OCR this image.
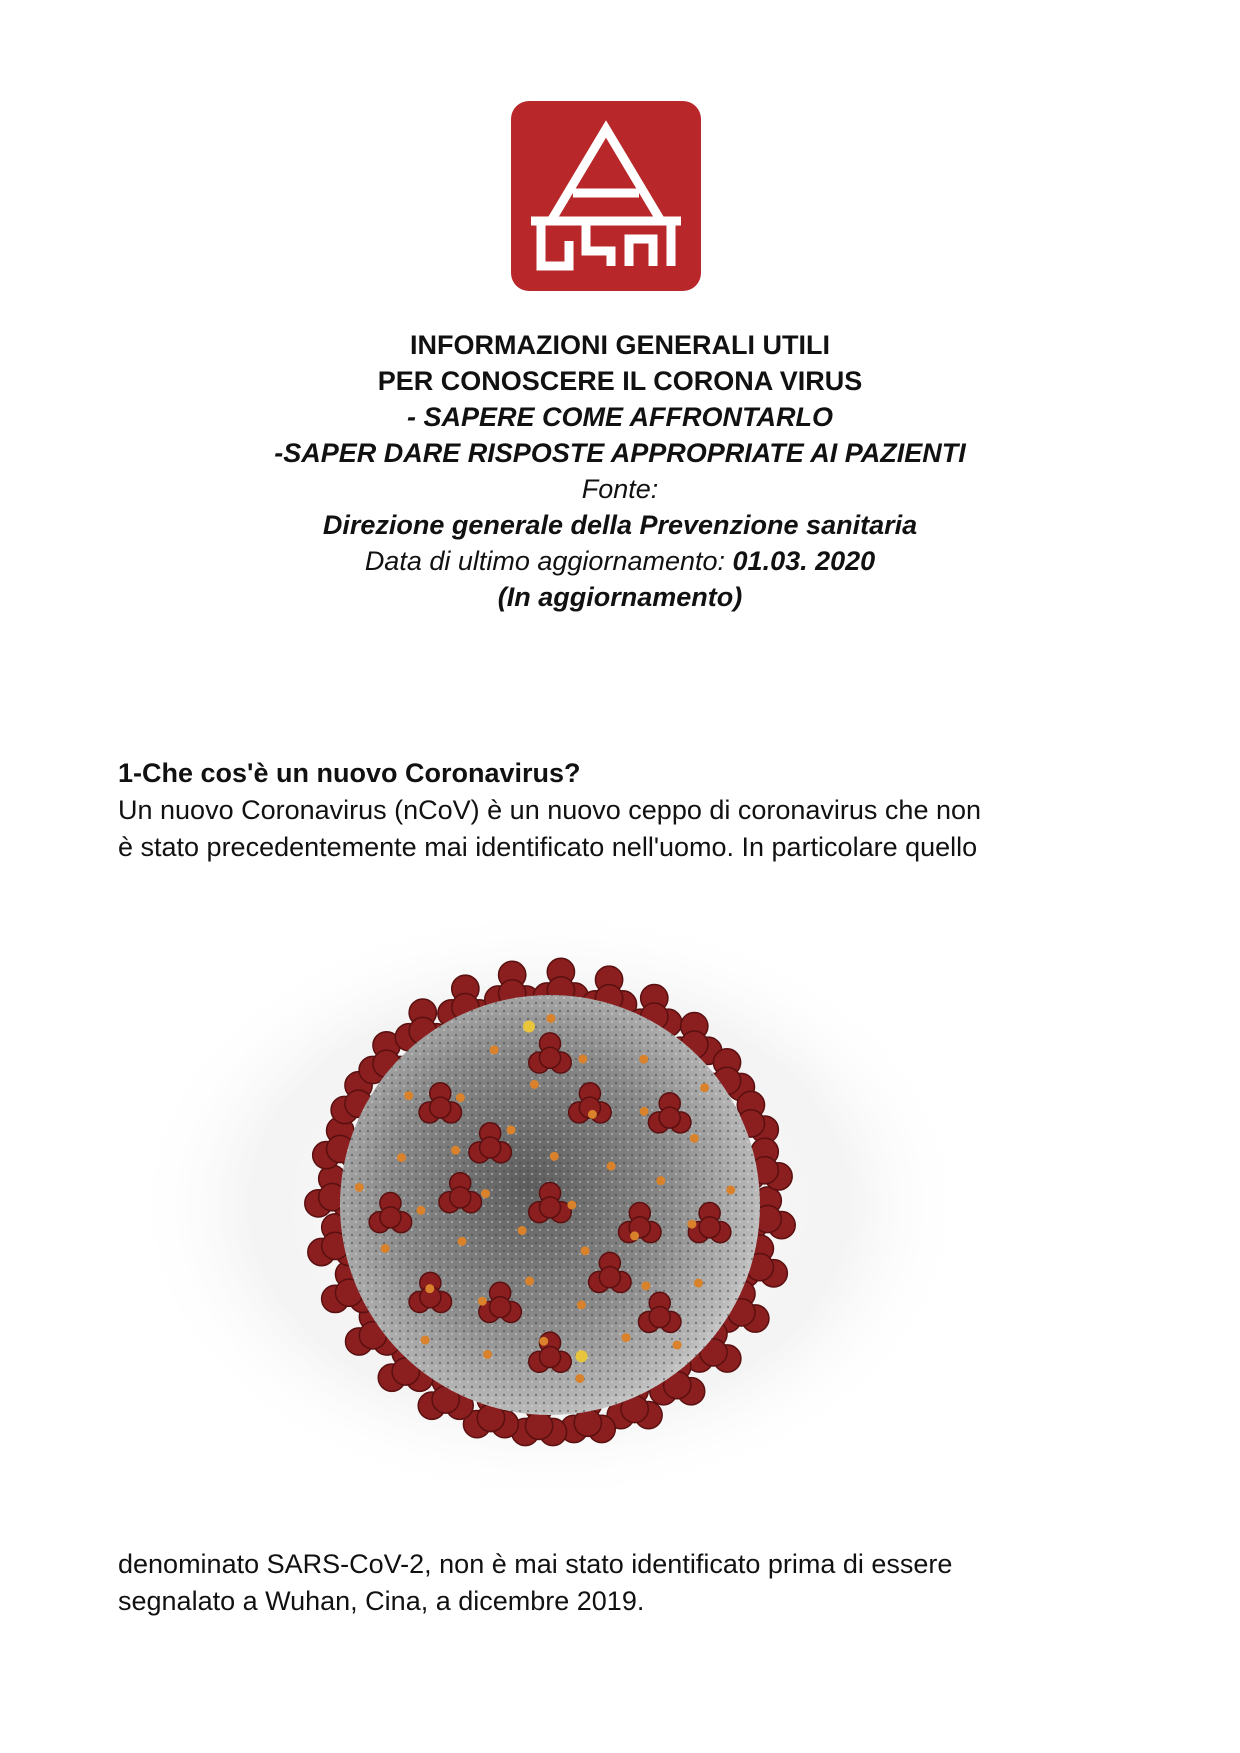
INFORMAZIONI GENERALI UTILI
PER CONOSCERE IL CORONA VIRUS
- SAPERE COME AFFRONTARLO
-SAPER DARE RISPOSTE APPROPRIATE AI PAZIENTI
Fonte:
Direzione generale della Prevenzione sanitaria
Data di ultimo aggiornamento: 01.03. 2020
(In aggiornamento)
1-Che cos'è un nuovo Coronavirus?
Un nuovo Coronavirus (nCoV) è un nuovo ceppo di coronavirus che non
è stato precedentemente mai identificato nell'uomo. In particolare quello
denominato SARS-CoV-2, non è mai stato identificato prima di essere
segnalato a Wuhan, Cina, a dicembre 2019.
